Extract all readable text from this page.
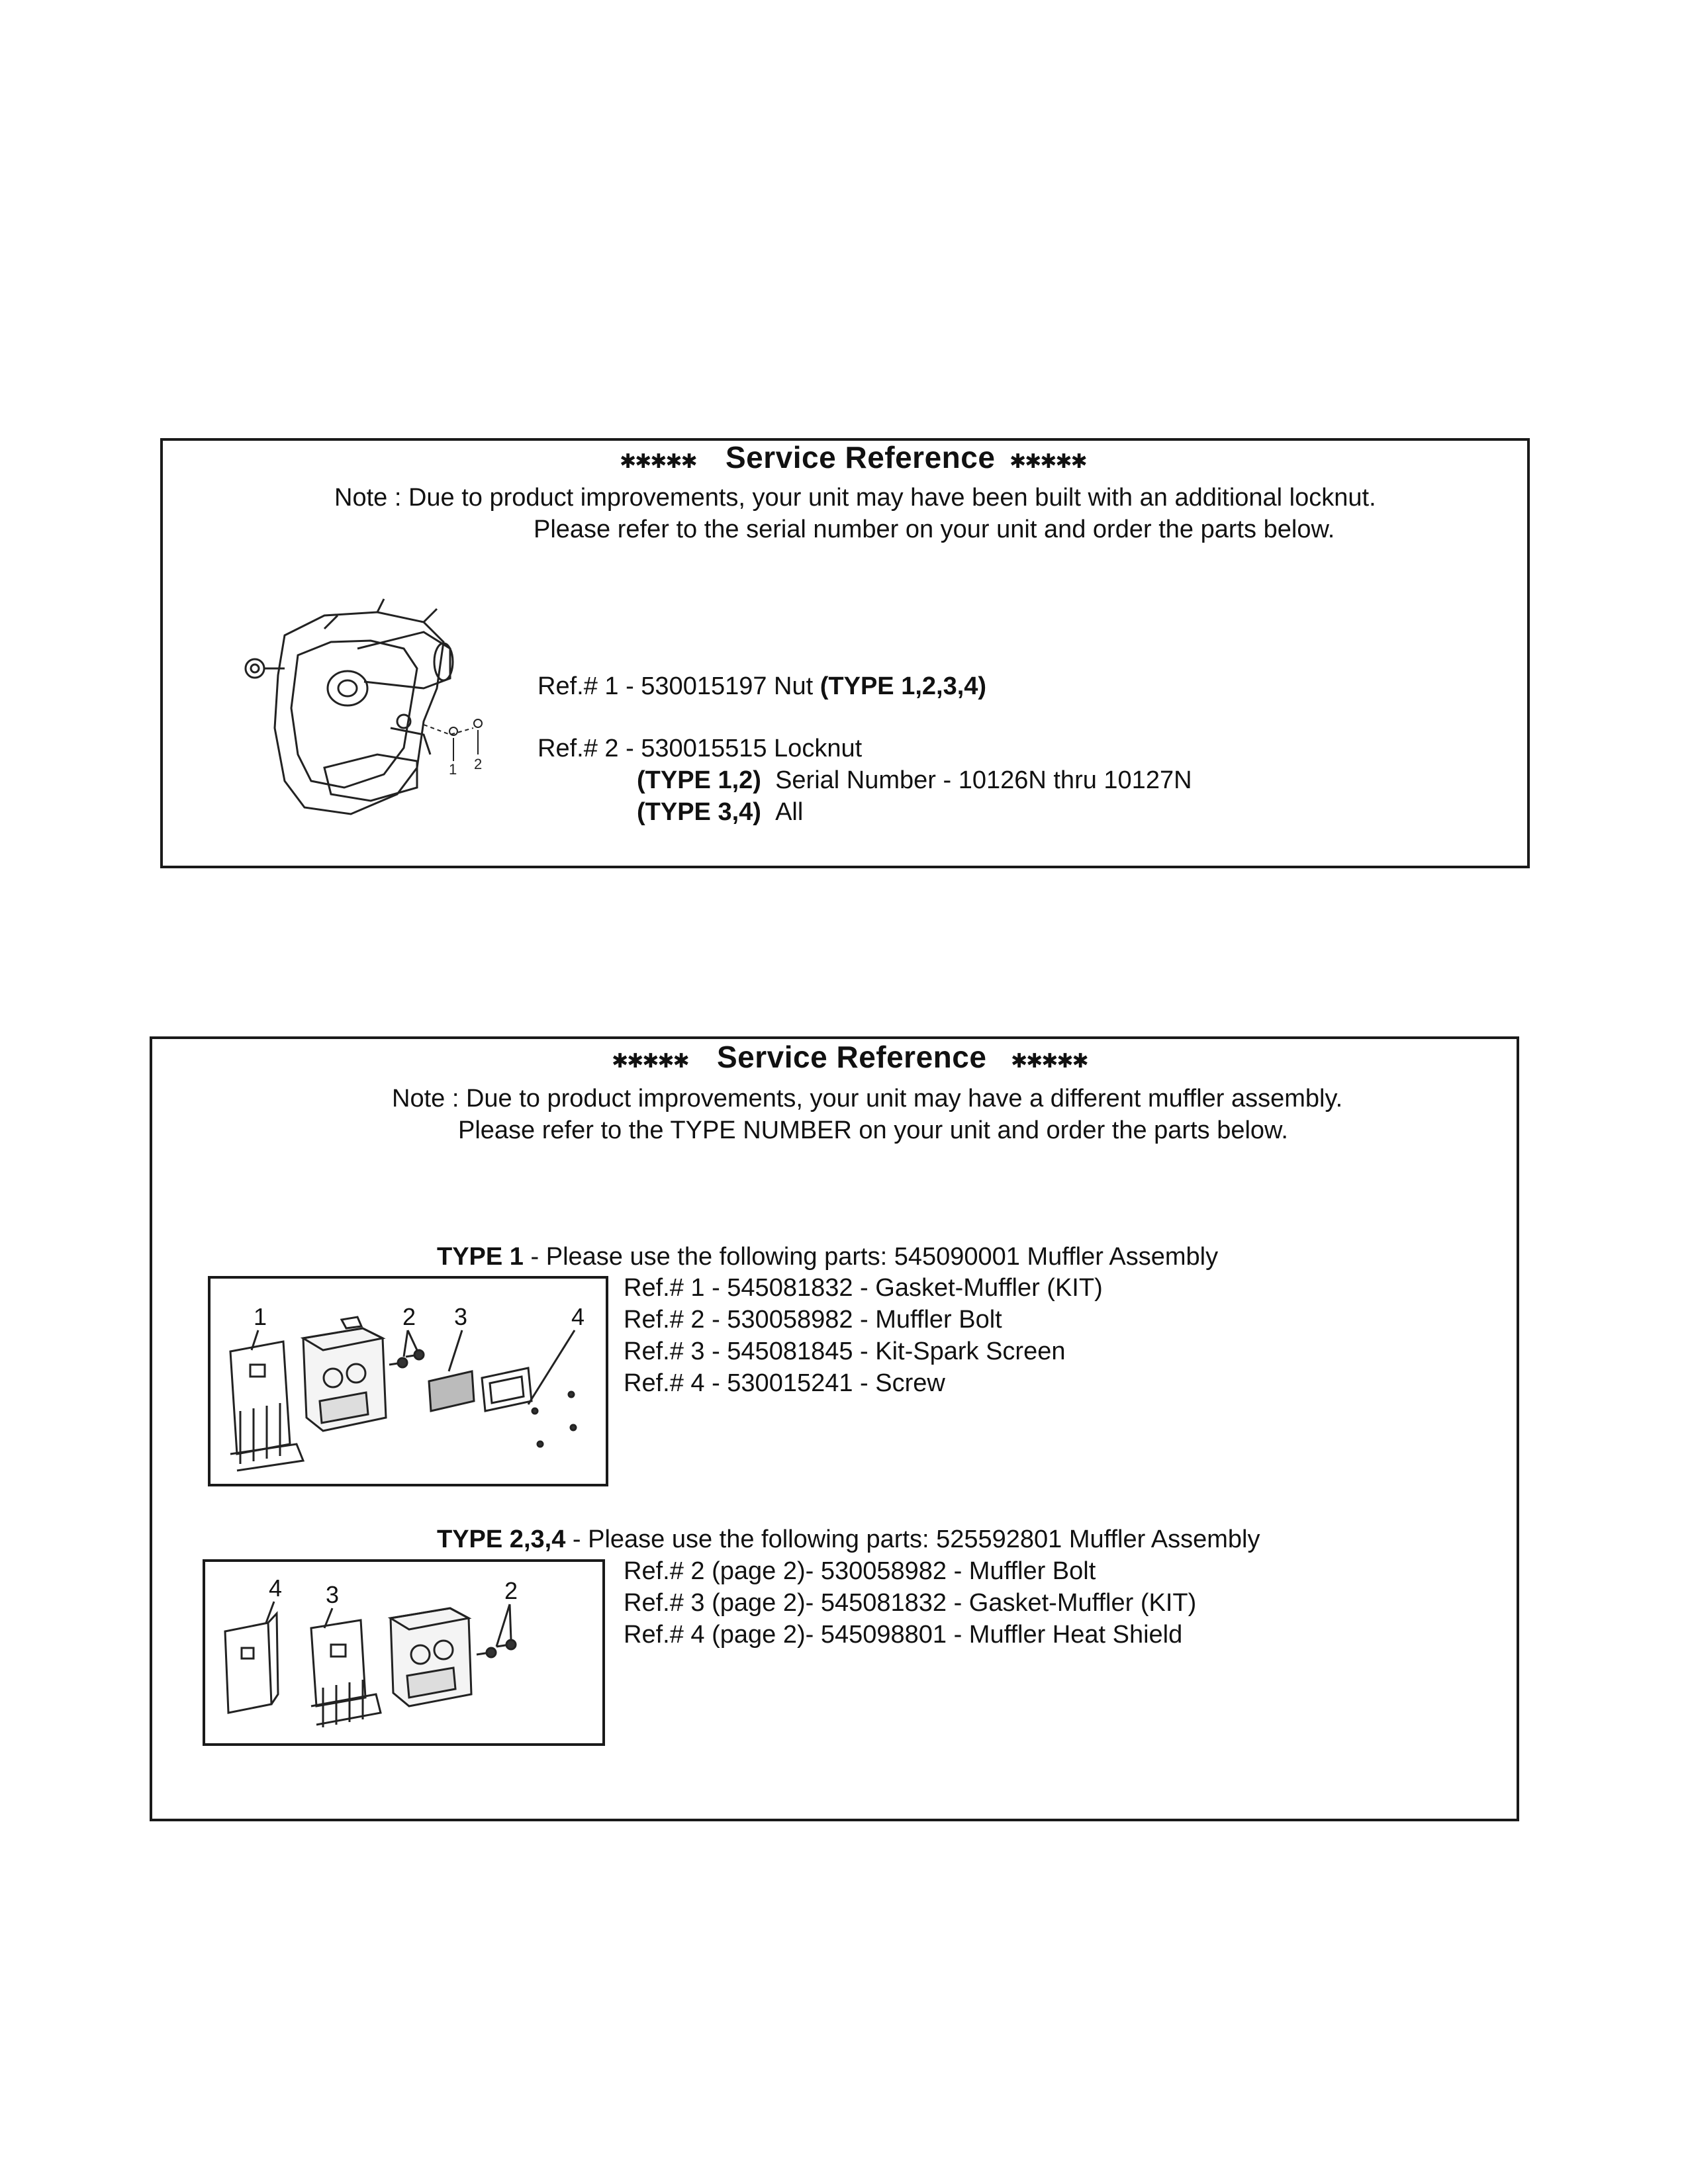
✱✱✱✱✱ Service Reference ✱✱✱✱✱
Note : Due to product improvements, your unit may have been built with an additional locknut.
Please refer to the serial number on your unit and order the parts below.
1 2
Ref.# 1 - 530015197 Nut (TYPE 1,2,3,4)
Ref.# 2 - 530015515 Locknut
(TYPE 1,2) Serial Number - 10126N thru 10127N
(TYPE 3,4) All
✱✱✱✱✱ Service Reference ✱✱✱✱✱
Note : Due to product improvements, your unit may have a different muffler assembly.
Please refer to the TYPE NUMBER on your unit and order the parts below.
TYPE 1 - Please use the following parts: 545090001 Muffler Assembly
1	2 3	4
Ref.# 1 - 545081832 - Gasket-Muffler (KIT)
Ref.# 2 - 530058982 - Muffler Bolt
Ref.# 3 - 545081845 - Kit-Spark Screen
Ref.# 4 - 530015241 - Screw
TYPE 2,3,4 - Please use the following parts: 525592801 Muffler Assembly
4 3	2
Ref.# 2 (page 2)- 530058982 - Muffler Bolt
Ref.# 3 (page 2)- 545081832 - Gasket-Muffler (KIT)
Ref.# 4 (page 2)- 545098801 - Muffler Heat Shield
